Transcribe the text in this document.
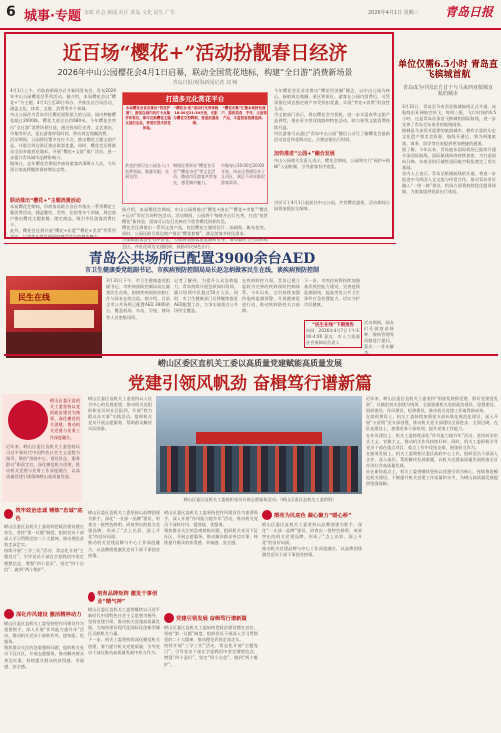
6 城事·专题 市政 社会 新闻 社区 黄岛 文化 民生 广告	2026年4月1日 星期三 青岛日报
近百场“樱花+”活动扮靓春日经济
2026年中山公园樱花会4月1日启幕，联动全国赏花地标，构建“全日游”消费新场景
青岛日报/观海新闻记者 刘 畅
4月1日上午，市政府新闻办召开新闻发布会，发布2026年中山公园樱花会系列活动。据介绍，本届樱花会以“樱花+”为主题，4月1日至30日举办，共推出近百场活动，涵盖文化、体育、文旅、消费等多个领域。
中山公园作为青岛市区樱花面积最大的公园，园内种植樱花超过2000株，樱花大道全长约680米。今年樱花会突出“全日游”消费场景打造，通过夜间灯光秀、文艺演出、市集等形式，延长游客停留时间，带动周边商圈消费。
活动期间，公园将设置多处打卡点，推出樱花主题文创产品，并联合周边景区推出联票优惠。同时，樱花会还将联动全国多地赏花地标，开展“樱花+文旅”推广活动，进一步提升青岛城市品牌影响力。
据统计，去年樱花会期间共接待游客约300万人次，今年预计客流将继续保持增长态势。
联动推出“樱花+”主题消费活动
本届樱花会期间，市商务局联合各区市推出一系列樱花主题消费活动，涵盖餐饮、零售、住宿等多个领域。周边商户推出樱花主题套餐、限定商品，吸引市民游客消费打卡。
此外，樱花会还将开展“樱花+非遗”“樱花+美食”等系列活动，让游客在赏花的同时感受青岛的城市魅力。
打造多元化赏花平台
本届樱花会首次推出“赏花护照”，游客在园内各打卡点集齐印章后，即可兑换樱花主题文创纪念品，享受沉浸式赏花体验。
赏花护照可在公园各入口免费领取，数量有限，先到先得。
“樱花会·夜”夜间灯光秀每晚18:30至21:30开放，光影与樱花交相辉映，营造浪漫氛围。
期间还将举办“樱花音乐会”“樱花诗会”等文艺活动，邀请市民游客共赏春光，感受城市魅力。
“樱花市集”汇聚本地特色商户，提供美食、手作、文创等产品，丰富游客消费选择。
市集每日10:00至20:00开放，周末还将增设亲子互动区，满足不同年龄段游客需求。
据介绍，本届樱花会期间，中山公园将推出“樱花+演出”“樱花+市集”“樱花+运动”等近百场特色活动。活动期间，公园将于每晚开启灯光秀，打造“夜赏樱花”新体验，游客可以在灯光映衬下欣赏樱花别样的美。
樱花会还将推出一系列文创产品，包括樱花主题明信片、冰箱贴、帆布包等。同时，公园还联合周边商户推出“樱花套餐”，满足游客多样化需求。
为保障游客安全有序赏花，公园将加强客流监测和引导，增设临时卫生间和休息区，并优化周边交通组织，鼓励市民绿色出行。
今年樱花会还首次推出“樱花经济圈”概念，以中山公园为核心，辐射周边商圈、景区和街区。游客在公园内消费后，可凭票据在周边指定商户享受折扣优惠，实现“赏花+消费”的良性互动。
市文旅部门表示，将以樱花会为契机，进一步丰富春季文旅产品供给，推出更多赏花线路和特色活动，助力春季文旅消费持续升温。
市民游客可以通过“青岛中山公园”微信公众号了解樱花会最新活动信息和花期动态，合理安排出行时间。
加快推进“公园+”融合发展
中山公园相关负责人表示，樱花会期间，公园将实行“预约+错峰”入园机制，引导游客有序游览。
市民可于4月1日起前往中山公园，共赏樱花盛景，活动期间公园将加强安全保障。
单位仅需6.5小时 青岛直飞槟城首航
青岛成为中国北方首个与马来西亚槟城直航的城市
3月31日，青岛至马来西亚槟城航线正式开通。该航线由亚洲航空执飞，每周三班，飞行时间约6.5小时。这是青岛首条直飞槟城的国际航线，进一步完善了青岛至东南亚的航线网络。
槟城是马来西亚重要的旅游城市，拥有丰富的历史文化遗产和美食资源。航线开通后，将为两地旅游、商务、留学等往来提供更加便捷的通道。
据了解，今年以来，青岛胶东国际机场已陆续开通多条国际航线，国际航线网络持续加密，为打造面向日韩、东南亚的区域性国际航空枢纽奠定了坚实基础。
业内人士表示，青岛至槟城航线的开通，将进一步促进中马两国人文交流与经贸合作，推动青岛更好融入“一带一路”建设。机场方面将持续优化服务保障，为旅客提供优质出行体验。
青岛公共场所已配置3900余台AED
市卫生健康委党组副书记、市疾病预防控制局局长赵怎炳做客民生在线，谈疾病预防控制
民生在线
3月31日下午，市卫生健康委党组副书记、市疾病预防控制局局长做客民生在线，围绕疾病预防控制工作与网友在线交流。据介绍，目前全市公共场所已配置AED 3900余台，覆盖机场、车站、学校、商场等人员密集场所。
记者了解到，为提升公众急救能力，青岛持续开展急救知识培训，累计培训市民超过50万人次。同时，市卫生健康部门还将继续推进AED配置工作，力争实现重点公共场所全覆盖。
在疾病防控方面，青岛已建立起较为完善的疾病预防控制体系。今年以来，全市持续加强传染病监测预警，开展健康促进行动，推动疾病防控关口前移。
下一步，市疾控局将持续加强基层疾控能力建设，完善疫情监测网络，提高突发公共卫生事件应急处置能力，切实守护市民健康。
“民生在线”下期预告
时间：2026年4月7日下午3:00-4:00 嘉宾：市人力资源社会保障局负责人
活动期间，网友们还就疫苗接种、慢病管理等问题进行提问，嘉宾一一作出解答。
崂山区委区直机关工委以高质量党建赋能高质量发展
党建引领风帆劲 奋楫笃行谱新篇
崂山区委区直机关工委坚持以党的政治建设为统领，深化模范机关创建，推动机关党建与业务工作深度融合。
近年来，崂山区委区直机关工委坚持以习近平新时代中国特色社会主义思想为指导，聚焦“围绕中心、建设队伍、服务群众”职责定位，深化模范机关创建，推动机关党建与业务工作深度融合，以高质量党建引领保障崂山高质量发展。
筑牢政治忠诚 锤炼“忠诚”底色
崂山区委区直机关工委始终把政治建设摆在首位，坚持“第一议题”制度，组织党员干部深入学习贯彻党的二十大精神，推动理论武装走深走实。
持续开展“三学三比”活动，常态化开展“主题党日”，引导党员干部在学思践悟中坚定理想信念，增强“四个意识”、坚定“四个自信”、做到“两个维护”。
深化作风建设 激活精神动力
崂山区委区直机关工委坚持把作风建设作为重要抓手，深入开展“作风能力提升年”活动，推动机关党员干部转作风、提效能、优服务。
聚焦群众关注的急难愁盼问题，组织机关党员下沉社区，开展志愿服务，推动解决群众身边实事，持续提升群众的获得感、幸福感、安全感。
崂山区委区直机关工委坚持以人民为中心的发展思想，推动机关党组织和党员到社区报到，开展“我为群众办实事”实践活动。组织机关党员开展志愿服务，帮助群众解决实际困难。
崂山区委区直机关工委组织党员开展志愿服务活动。（崂山区委区直机关工委供图）
崂山区委区直机关工委坚持以品牌创建为抓手，深化“一支部一品牌”建设，培育出一批特色鲜明、成效突出的机关党建品牌，形成了“点上出彩、面上开花”的良好局面。
推动机关党建品牌与中心工作深度融合，以品牌创建激发党员干部干事创业热情。
培育品牌矩阵 激发干事创业“精气神”
崂山区委区直机关工委将继续以习近平新时代中国特色社会主义思想为指导，坚持党建引领，推动机关党建高质量发展，为加快建设现代化国际化创新型城区贡献机关力量。
下一步，机关工委将持续深化模范机关创建，着力提升机关党建质量，引导党员干部在推动高质量发展中担当作为。
崂山区委区直机关工委坚持把作风建设作为重要抓手，深入开展“作风能力提升年”活动，推动机关党员干部转作风、提效能、优服务。
聚焦群众关注的急难愁盼问题，组织机关党员下沉社区，开展志愿服务，推动解决群众身边实事，持续提升群众的获得感、幸福感、安全感。
党建引领发展 奋楫笃行谱新篇
崂山区委区直机关工委始终把政治建设摆在首位，坚持“第一议题”制度，组织党员干部深入学习贯彻党的二十大精神，推动理论武装走深走实。
持续开展“三学三比”活动，常态化开展“主题党日”，引导党员干部在学思践悟中坚定理想信念，增强“四个意识”、坚定“四个自信”、做到“两个维护”。
擦亮为民底色 凝心聚力“暖心桥”
崂山区委区直机关工委坚持以品牌创建为抓手，深化“一支部一品牌”建设，培育出一批特色鲜明、成效突出的机关党建品牌，形成了“点上出彩、面上开花”的良好局面。
推动机关党建品牌与中心工作深度融合，以品牌创建激发党员干部干事创业热情。
近年来，崂山区委区直机关工委坚持“围绕发展抓党建、抓好党建促发展”，以模范机关创建为统领，全面加强机关党的政治建设、思想建设、组织建设、作风建设、纪律建设，推动机关党建工作取得新成效。
在组织建设上，机关工委持续加强党支部标准化规范化建设，深入开展“五星级”党支部创建，推动机关党支部建设全面进步、全面过硬。在队伍建设上，加强党务干部培训，提升党务工作能力。
在作风建设上，机关工委持续深化“作风能力提升年”活动，坚决纠治形式主义、官僚主义，推动机关作风持续好转。同时，机关工委积极引导党员干部在重点项目、重点工作中攻坚克难，展现担当作为。
在服务发展上，机关工委聚焦区委区政府中心工作，组织党员干部深入企业、深入基层，帮助解决发展难题，以机关党建高质量发展助推全区经济社会高质量发展。
站在新的起点上，机关工委将继续坚持以党建引领为核心，持续推进模范机关建设，不断提升机关党建工作质量和水平，为崂山高质量发展提供坚强保障。
